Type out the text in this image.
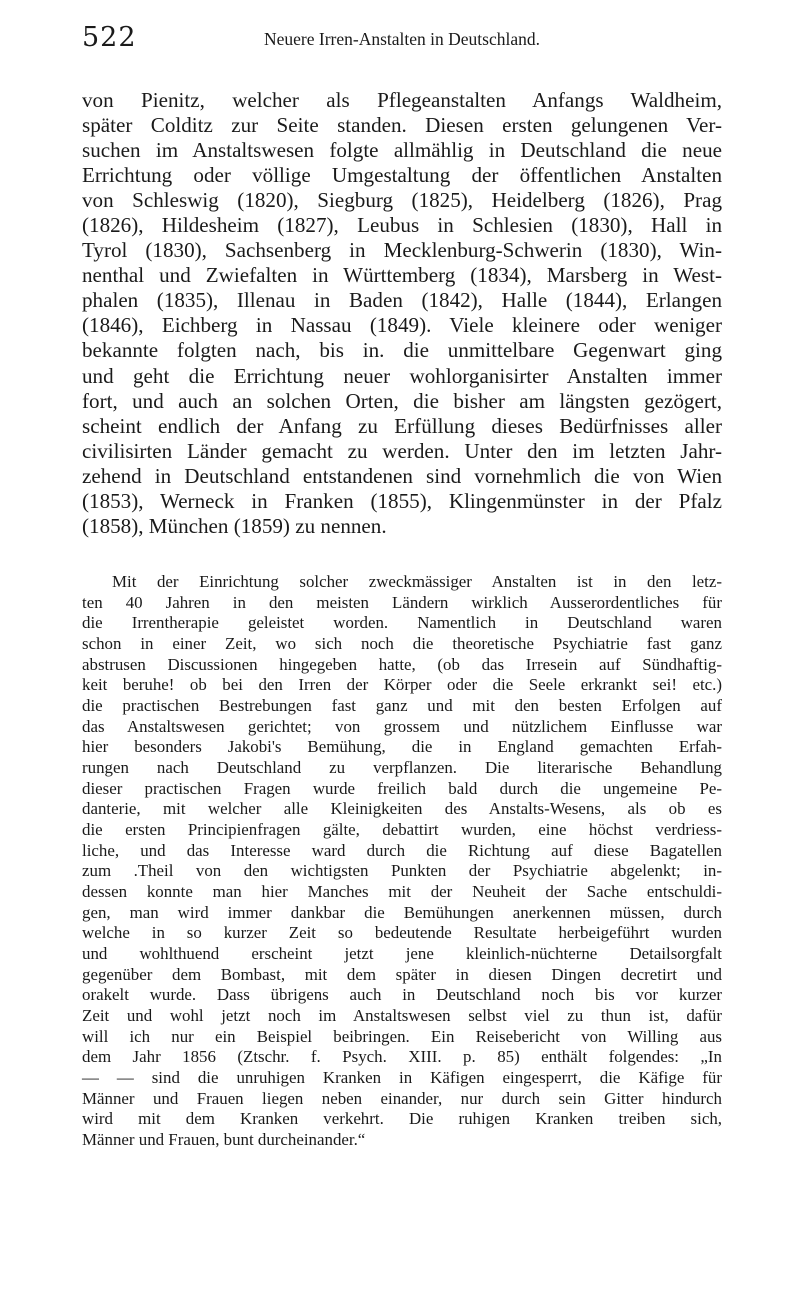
522	Neuere Irren-Anstalten in Deutschland.
von Pienitz, welcher als Pflegeanstalten Anfangs Waldheim,
später Colditz zur Seite standen. Diesen ersten gelungenen Ver-
suchen im Anstaltswesen folgte allmählig in Deutschland die neue
Errichtung oder völlige Umgestaltung der öffentlichen Anstalten
von Schleswig (1820), Siegburg (1825), Heidelberg (1826), Prag
(1826), Hildesheim (1827), Leubus in Schlesien (1830), Hall in
Tyrol (1830), Sachsenberg in Mecklenburg-Schwerin (1830), Win-
nenthal und Zwiefalten in Württemberg (1834), Marsberg in West-
phalen (1835), Illenau in Baden (1842), Halle (1844), Erlangen
(1846), Eichberg in Nassau (1849). Viele kleinere oder weniger
bekannte folgten nach, bis in. die unmittelbare Gegenwart ging
und geht die Errichtung neuer wohlorganisirter Anstalten immer
fort, und auch an solchen Orten, die bisher am längsten gezögert,
scheint endlich der Anfang zu Erfüllung dieses Bedürfnisses aller
civilisirten Länder gemacht zu werden. Unter den im letzten Jahr-
zehend in Deutschland entstandenen sind vornehmlich die von Wien
(1853), Werneck in Franken (1855), Klingenmünster in der Pfalz
(1858), München (1859) zu nennen.
Mit der Einrichtung solcher zweckmässiger Anstalten ist in den letz-
ten 40 Jahren in den meisten Ländern wirklich Ausserordentliches für
die Irrentherapie geleistet worden. Namentlich in Deutschland waren
schon in einer Zeit, wo sich noch die theoretische Psychiatrie fast ganz
abstrusen Discussionen hingegeben hatte, (ob das Irresein auf Sündhaftig-
keit beruhe! ob bei den Irren der Körper oder die Seele erkrankt sei! etc.)
die practischen Bestrebungen fast ganz und mit den besten Erfolgen auf
das Anstaltswesen gerichtet; von grossem und nützlichem Einflusse war
hier besonders Jakobi's Bemühung, die in England gemachten Erfah-
rungen nach Deutschland zu verpflanzen. Die literarische Behandlung
dieser practischen Fragen wurde freilich bald durch die ungemeine Pe-
danterie, mit welcher alle Kleinigkeiten des Anstalts-Wesens, als ob es
die ersten Principienfragen gälte, debattirt wurden, eine höchst verdriess-
liche, und das Interesse ward durch die Richtung auf diese Bagatellen
zum .Theil von den wichtigsten Punkten der Psychiatrie abgelenkt; in-
dessen konnte man hier Manches mit der Neuheit der Sache entschuldi-
gen, man wird immer dankbar die Bemühungen anerkennen müssen, durch
welche in so kurzer Zeit so bedeutende Resultate herbeigeführt wurden
und wohlthuend erscheint jetzt jene kleinlich-nüchterne Detailsorgfalt
gegenüber dem Bombast, mit dem später in diesen Dingen decretirt und
orakelt wurde. Dass übrigens auch in Deutschland noch bis vor kurzer
Zeit und wohl jetzt noch im Anstaltswesen selbst viel zu thun ist, dafür
will ich nur ein Beispiel beibringen. Ein Reisebericht von Willing aus
dem Jahr 1856 (Ztschr. f. Psych. XIII. p. 85) enthält folgendes: „In
— — sind die unruhigen Kranken in Käfigen eingesperrt, die Käfige für
Männer und Frauen liegen neben einander, nur durch sein Gitter hindurch
wird mit dem Kranken verkehrt. Die ruhigen Kranken treiben sich,
Männer und Frauen, bunt durcheinander.“
